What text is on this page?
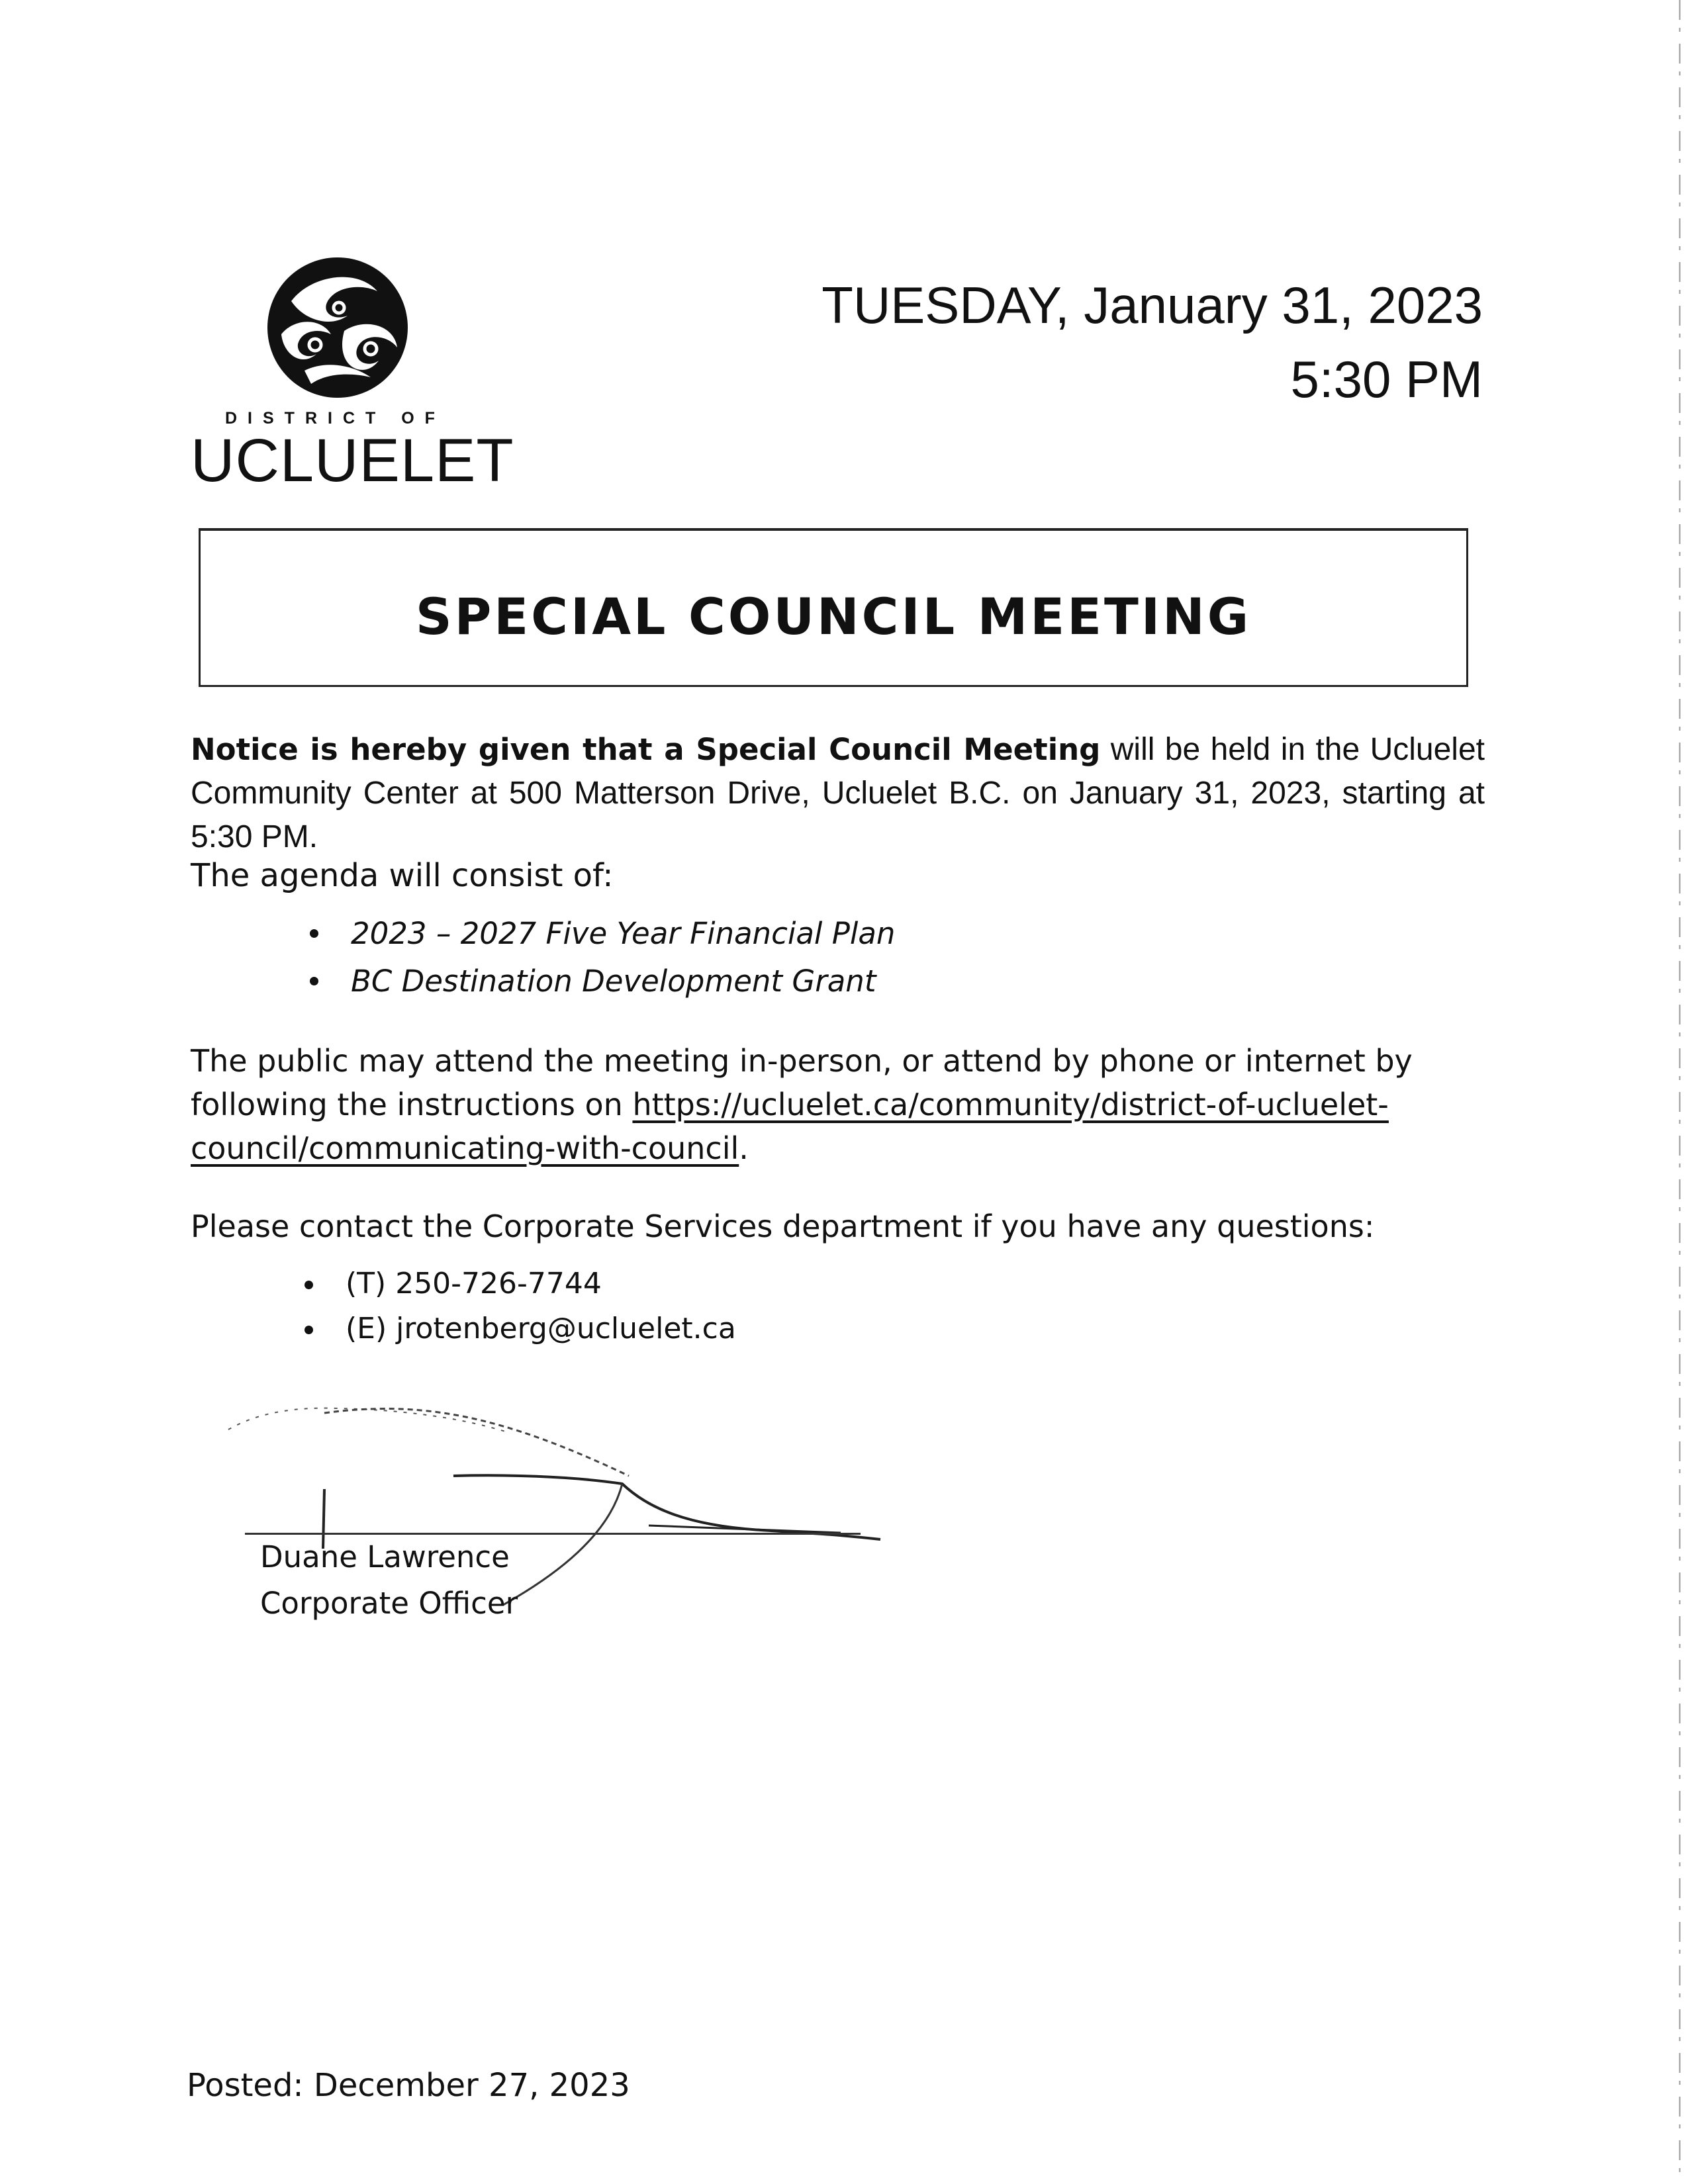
DISTRICT OF
UCLUELET
TUESDAY, January 31, 2023
5:30 PM
SPECIAL COUNCIL MEETING
Notice is hereby given that a Special Council Meeting will be held in the Ucluelet Community Center at 500 Matterson Drive, Ucluelet B.C. on January 31, 2023, starting at 5:30 PM.
The agenda will consist of:
2023 – 2027 Five Year Financial Plan
BC Destination Development Grant
The public may attend the meeting in-person, or attend by phone or internet by
following the instructions on https://ucluelet.ca/community/district-of-ucluelet-
council/communicating-with-council.
Please contact the Corporate Services department if you have any questions:
(T) 250-726-7744
(E) jrotenberg@ucluelet.ca
Duane Lawrence
Corporate Officer
Posted: December 27, 2023
